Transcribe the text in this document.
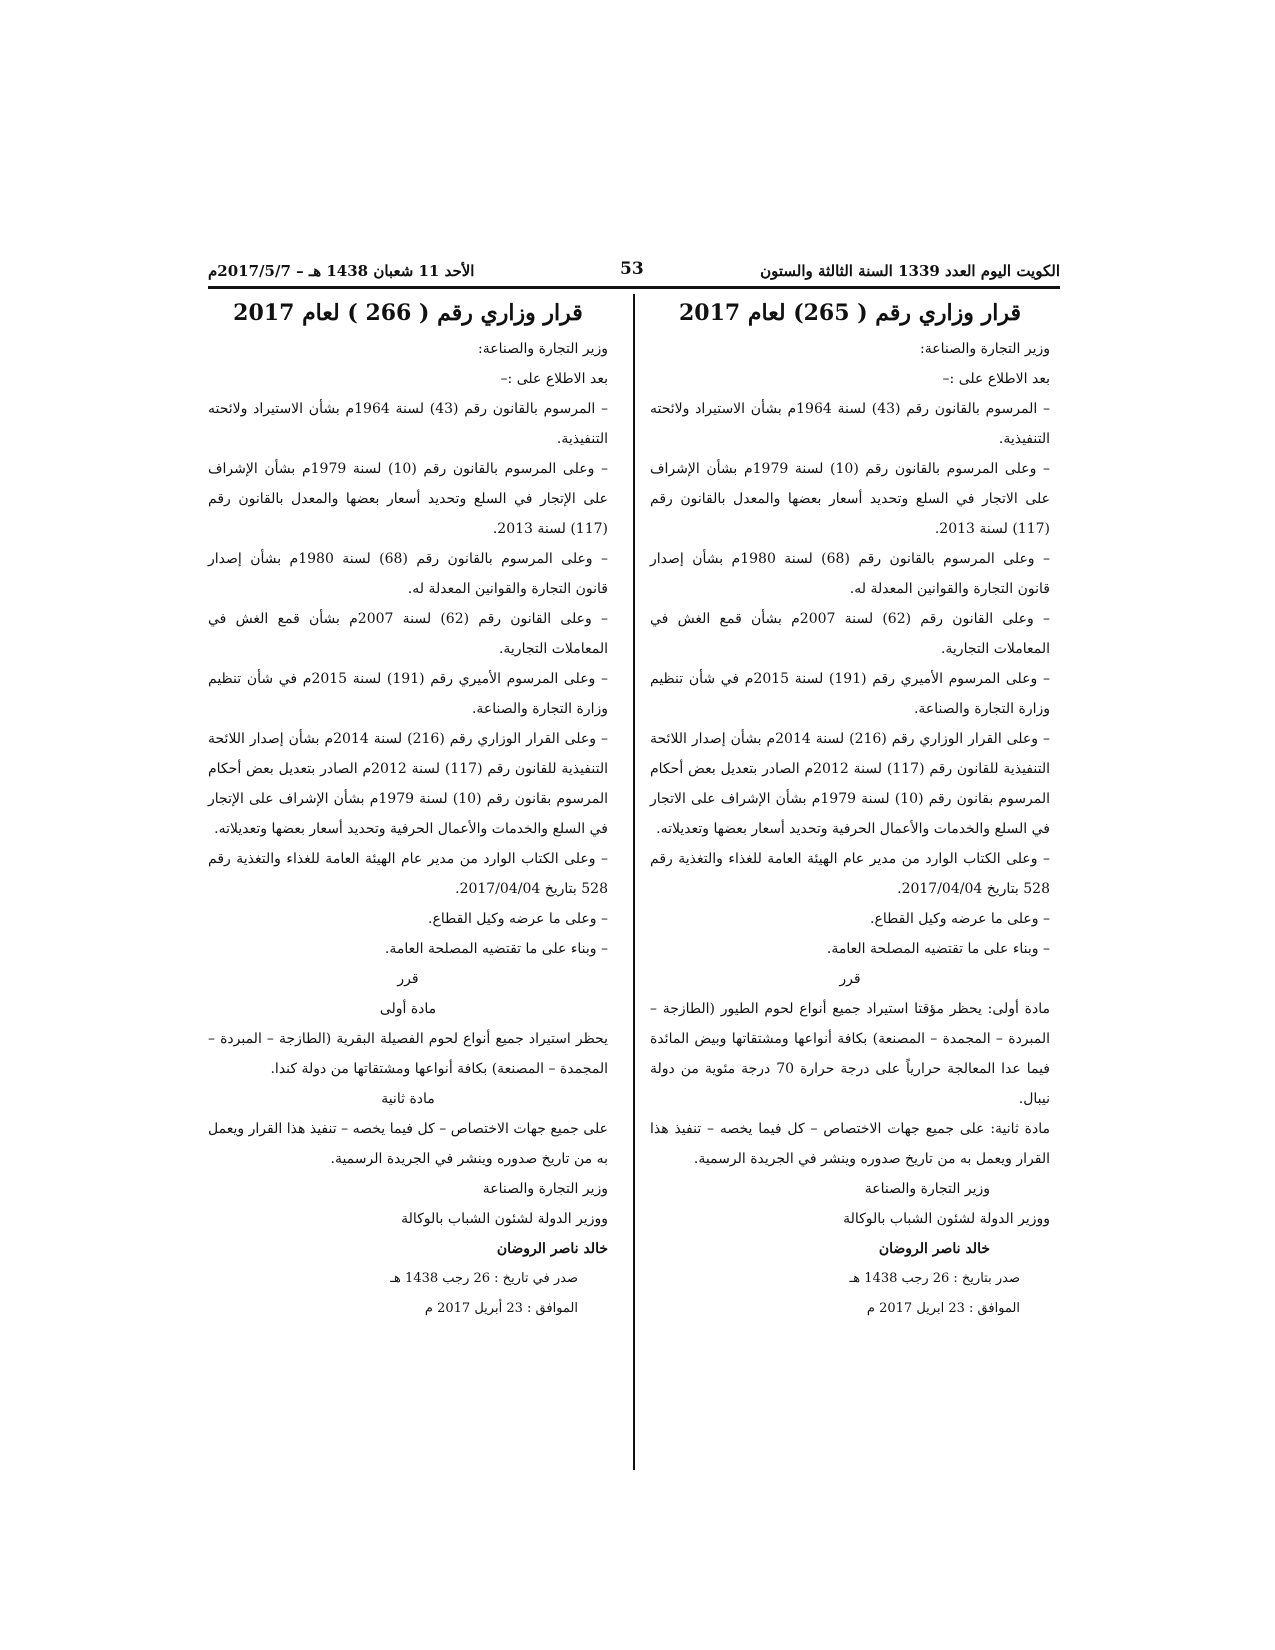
الكويت اليوم العدد 1339 السنة الثالثة والستون
53
الأحد 11 شعبان 1438 هـ – 2017/5/7م
قرار وزاري رقم ( 265) لعام 2017

وزير التجارة والصناعة:

بعد الاطلاع على :–

– المرسوم بالقانون رقم (43) لسنة 1964م بشأن الاستيراد ولائحته التنفيذية.

– وعلى المرسوم بالقانون رقم (10) لسنة 1979م بشأن الإشراف على الاتجار في السلع وتحديد أسعار بعضها والمعدل بالقانون رقم (117) لسنة 2013.

– وعلى المرسوم بالقانون رقم (68) لسنة 1980م بشأن إصدار قانون التجارة والقوانين المعدلة له.

– وعلى القانون رقم (62) لسنة 2007م بشأن قمع الغش في المعاملات التجارية.

– وعلى المرسوم الأميري رقم (191) لسنة 2015م في شأن تنظيم وزارة التجارة والصناعة.

– وعلى القرار الوزاري رقم (216) لسنة 2014م بشأن إصدار اللائحة التنفيذية للقانون رقم (117) لسنة 2012م الصادر بتعديل بعض أحكام المرسوم بقانون رقم (10) لسنة 1979م بشأن الإشراف على الاتجار في السلع والخدمات والأعمال الحرفية وتحديد أسعار بعضها وتعديلاته.

– وعلى الكتاب الوارد من مدير عام الهيئة العامة للغذاء والتغذية رقم 528 بتاريخ 2017/04/04.

– وعلى ما عرضه وكيل القطاع.

– وبناء على ما تقتضيه المصلحة العامة.

قرر

مادة أولى: يحظر مؤقتا استيراد جميع أنواع لحوم الطيور (الطازجة – المبردة – المجمدة – المصنعة) بكافة أنواعها ومشتقاتها وبيض المائدة فيما عدا المعالجة حرارياً على درجة حرارة 70 درجة مئوية من دولة نيبال.

مادة ثانية: على جميع جهات الاختصاص – كل فيما يخصه – تنفيذ هذا القرار ويعمل به من تاريخ صدوره وينشر في الجريدة الرسمية.

وزير التجارة والصناعة

ووزير الدولة لشئون الشباب بالوكالة

خالد ناصر الروضان

صدر بتاريخ : 26 رجب 1438 هـ

الموافق : 23 ابريل 2017 م

قرار وزاري رقم ( 266 ) لعام 2017

وزير التجارة والصناعة:

بعد الاطلاع على :–

– المرسوم بالقانون رقم (43) لسنة 1964م بشأن الاستيراد ولائحته التنفيذية.

– وعلى المرسوم بالقانون رقم (10) لسنة 1979م بشأن الإشراف على الإتجار في السلع وتحديد أسعار بعضها والمعدل بالقانون رقم (117) لسنة 2013.

– وعلى المرسوم بالقانون رقم (68) لسنة 1980م بشأن إصدار قانون التجارة والقوانين المعدلة له.

– وعلى القانون رقم (62) لسنة 2007م بشأن قمع الغش في المعاملات التجارية.

– وعلى المرسوم الأميري رقم (191) لسنة 2015م في شأن تنظيم وزارة التجارة والصناعة.

– وعلى القرار الوزاري رقم (216) لسنة 2014م بشأن إصدار اللائحة التنفيذية للقانون رقم (117) لسنة 2012م الصادر بتعديل بعض أحكام المرسوم بقانون رقم (10) لسنة 1979م بشأن الإشراف على الإتجار في السلع والخدمات والأعمال الحرفية وتحديد أسعار بعضها وتعديلاته.

– وعلى الكتاب الوارد من مدير عام الهيئة العامة للغذاء والتغذية رقم 528 بتاريخ 2017/04/04.

– وعلى ما عرضه وكيل القطاع.

– وبناء على ما تقتضيه المصلحة العامة.

قرر

مادة أولى

يحظر استيراد جميع أنواع لحوم الفصيلة البقرية (الطازجة – المبردة – المجمدة – المصنعة) بكافة أنواعها ومشتقاتها من دولة كندا.

مادة ثانية

على جميع جهات الاختصاص – كل فيما يخصه – تنفيذ هذا القرار ويعمل به من تاريخ صدوره وينشر في الجريدة الرسمية.

وزير التجارة والصناعة

ووزير الدولة لشئون الشباب بالوكالة

خالد ناصر الروضان

صدر في تاريخ : 26 رجب 1438 هـ

الموافق : 23 أبريل 2017 م
